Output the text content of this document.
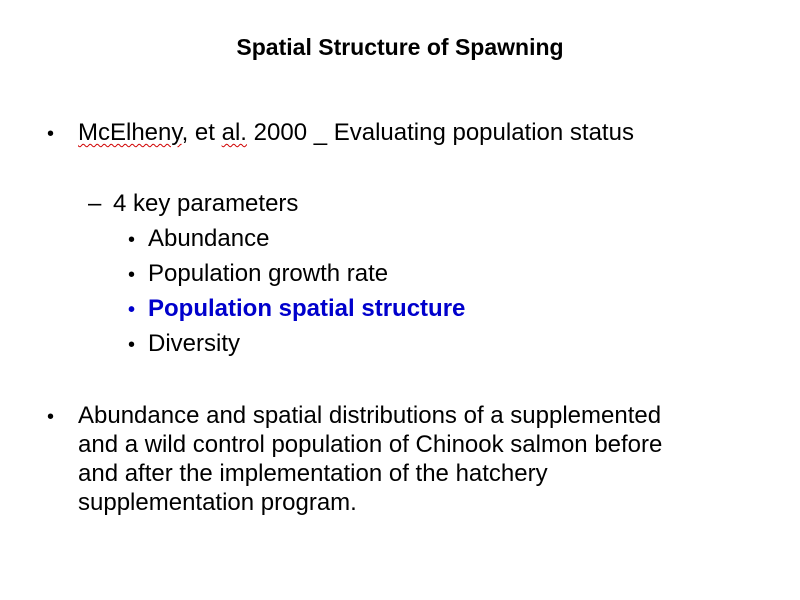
Spatial Structure of Spawning
• McElheny, et al. 2000 _ Evaluating population status
– 4 key parameters
• Abundance
• Population growth rate
• Population spatial structure
• Diversity
• Abundance and spatial distributions of a supplemented
and a wild control population of Chinook salmon before
and after the implementation of the hatchery
supplementation program.
